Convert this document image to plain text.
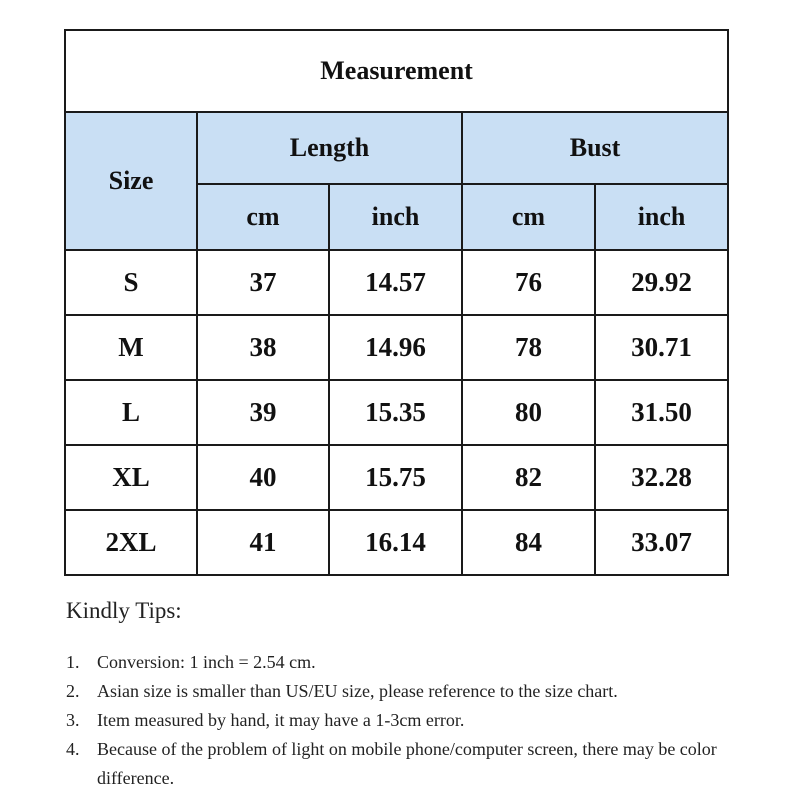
Measurement				
Size	Length		Bust	
	cm	inch	cm	inch
S	37	14.57	76	29.92
M	38	14.96	78	30.71
L	39	15.35	80	31.50
XL	40	15.75	82	32.28
2XL	41	16.14	84	33.07

Kindly Tips:

1. Conversion: 1 inch = 2.54 cm.
2. Asian size is smaller than US/EU size, please reference to the size chart.
3. Item measured by hand, it may have a 1-3cm error.
4. Because of the problem of light on mobile phone/computer screen, there may be color difference.
